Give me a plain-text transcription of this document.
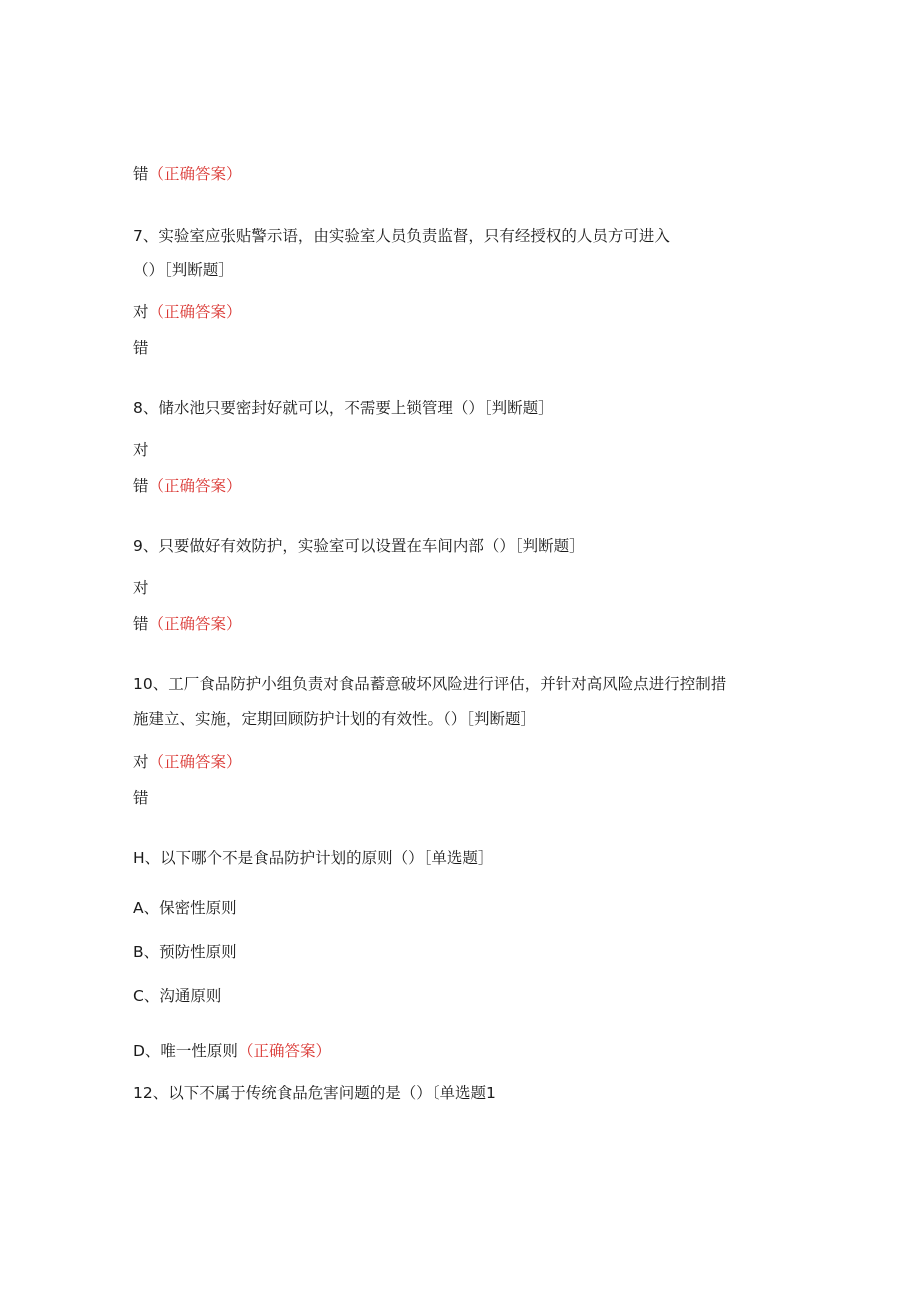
错（正确答案）
7、实验室应张贴警示语，由实验室人员负责监督，只有经授权的人员方可进入
（）［判断题］
对（正确答案）
错
8、储水池只要密封好就可以，不需要上锁管理（）［判断题］
对
错（正确答案）
9、只要做好有效防护，实验室可以设置在车间内部（）［判断题］
对
错（正确答案）
10、工厂食品防护小组负责对食品蓄意破坏风险进行评估，并针对高风险点进行控制措
施建立、实施，定期回顾防护计划的有效性。（）［判断题］
对（正确答案）
错
H、以下哪个不是食品防护计划的原则（）［单选题］
A、保密性原则
B、预防性原则
C、沟通原则
D、唯一性原则（正确答案）
12、以下不属于传统食品危害问题的是（）〔单选题1
